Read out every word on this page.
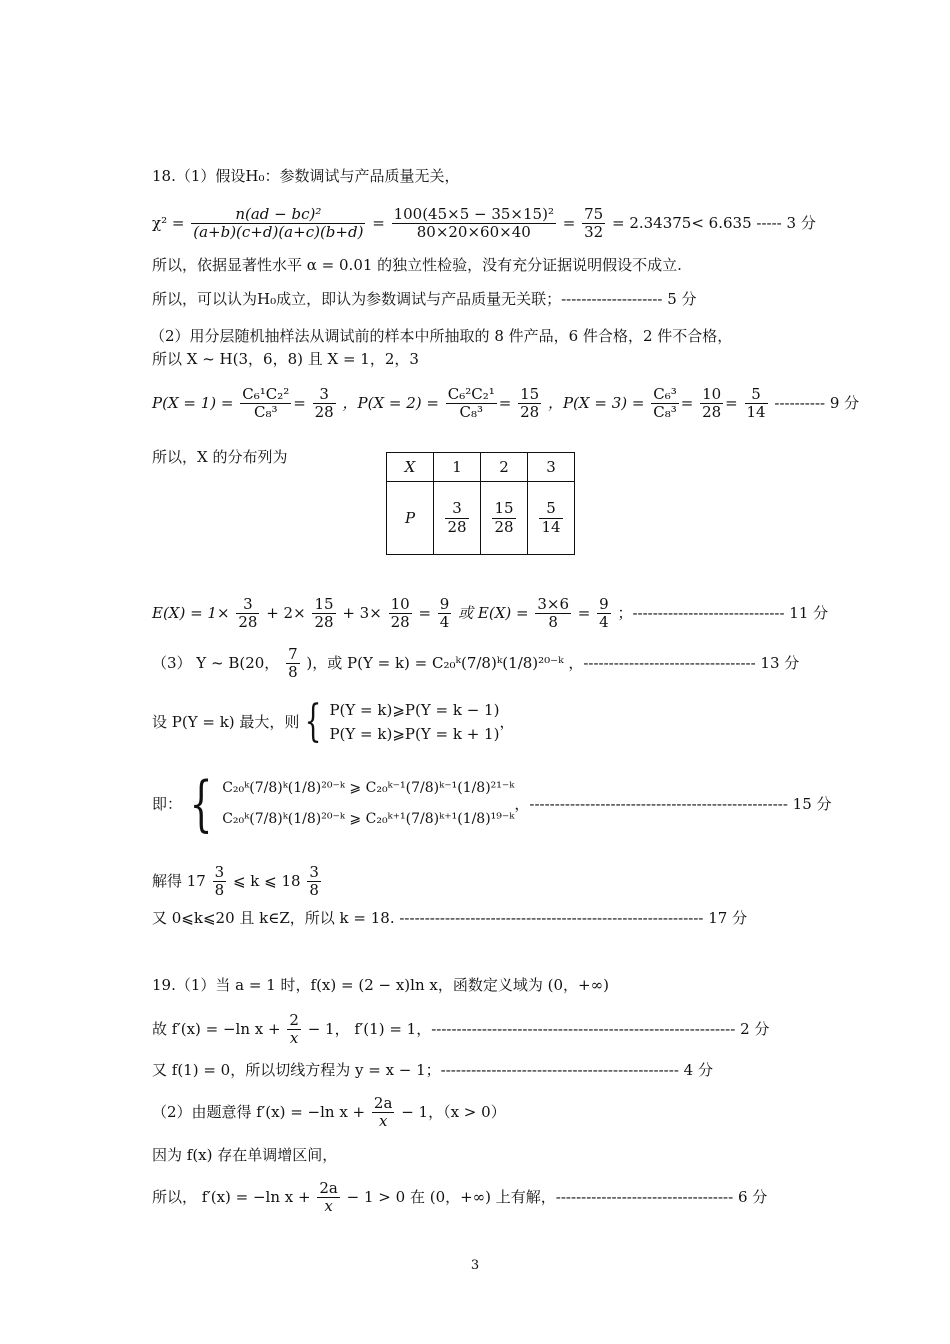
18.（1）假设H₀：参数调试与产品质量无关，
$\chi^2 = \frac{\text{n(ad − bc)²}}{(a+b)(c+d)(a+c)(b+d)} = \frac{\text{100(45×5 − 35×15)²}}{80\times 20\times 60\times 40} = \frac{75}{32} = 2.34375< 6.635$ ----- 3 分
所以，依据显著性水平 α = 0.01 的独立性检验，没有充分证据说明假设不成立.
所以，可以认为H₀成立，即认为参数调试与产品质量无关联；-------------------- 5 分
（2）用分层随机抽样法从调试前的样本中所抽取的 8 件产品，6 件合格，2 件不合格，
所以 X ~ H(3，6，8) 且 X = 1，2，3
$P(X = 1) = \frac{\text{C₆¹C₂²}}{\text{C₈³}} = \frac{3}{28}$ ，$P(X = 2) = \frac{\text{C₆²C₂¹}}{\text{C₈³}} = \frac{15}{28}$ ，$P(X = 3) = \frac{\text{C₆³}}{\text{C₈³}} = \frac{10}{28} = \frac{5}{14}$ ---------- 9 分
所以，X 的分布列为
X	1	2	3
P	$\frac{3}{28}$	$\frac{15}{28}$	$\frac{5}{14}$
$E(X) = 1\times \frac{3}{28} + 2\times \frac{15}{28} + 3\times \frac{10}{28} = \frac{9}{4}$ 或 $E(X) = \frac{3\times 6}{8} = \frac{9}{4}$ ；------------------------------ 11 分
（3） Y ~ B(20， $\frac{7}{8}$ )，或 P(Y = k) = C₂₀ᵏ(7/8)ᵏ(1/8)²⁰⁻ᵏ ，---------------------------------- 13 分
设 P(Y = k) 最大，则 { P(Y = k)⩾P(Y = k − 1)
P(Y = k)⩾P(Y = k + 1)
，
即： { C₂₀ᵏ(7/8)ᵏ(1/8)²⁰⁻ᵏ ⩾ C₂₀ᵏ⁻¹(7/8)ᵏ⁻¹(1/8)²¹⁻ᵏ
C₂₀ᵏ(7/8)ᵏ(1/8)²⁰⁻ᵏ ⩾ C₂₀ᵏ⁺¹(7/8)ᵏ⁺¹(1/8)¹⁹⁻ᵏ
，--------------------------------------------------- 15 分
解得 $17 \frac{3}{8}$ ⩽ k ⩽ $18 \frac{3}{8}$
又 0⩽k⩽20 且 k∈Z，所以 k = 18. ------------------------------------------------------------ 17 分
19.（1）当 a = 1 时，f(x) = (2 − x)ln x，函数定义域为 (0，+∞)
故 f′(x) = −ln $x + \frac{2}{x} - 1$， f′(1) = 1，------------------------------------------------------------ 2 分
又 f(1) = 0，所以切线方程为 y = x − 1；----------------------------------------------- 4 分
（2）由题意得 f′(x) = −ln $x + \frac{2a}{x} - 1$，（x > 0）
因为 f(x) 存在单调增区间，
所以， f′(x) = −ln $x + \frac{2a}{x} - 1 > 0$ 在 (0，+∞) 上有解，----------------------------------- 6 分
3
